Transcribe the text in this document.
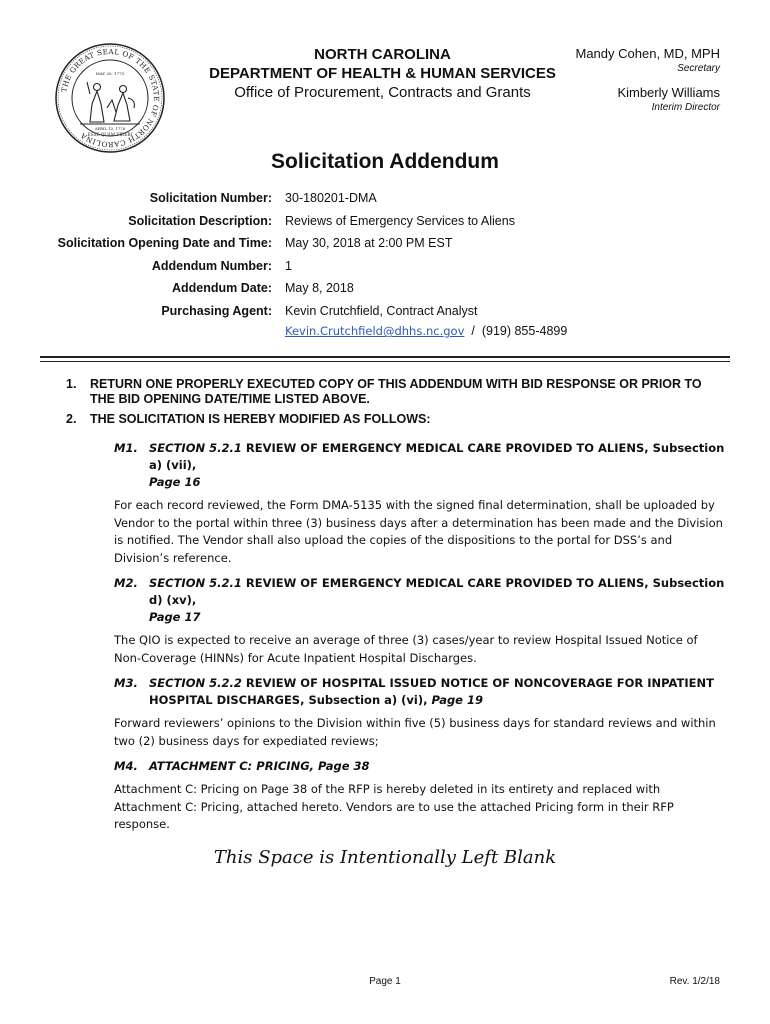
THE GREAT SEAL OF THE STATE OF NORTH CAROLINA
MAY 20, 1775
APRIL 12, 1776
ESSE QUAM VIDERI
NORTH CAROLINA
DEPARTMENT OF HEALTH & HUMAN SERVICES
Office of Procurement, Contracts and Grants
Mandy Cohen, MD, MPH
Secretary
Kimberly Williams
Interim Director
Solicitation Addendum
Solicitation Number: 30-180201-DMA
Solicitation Description: Reviews of Emergency Services to Aliens
Solicitation Opening Date and Time: May 30, 2018 at 2:00 PM EST
Addendum Number: 1
Addendum Date: May 8, 2018
Purchasing Agent: Kevin Crutchfield, Contract Analyst
Kevin.Crutchfield@dhhs.nc.gov / (919) 855-4899
1.	RETURN ONE PROPERLY EXECUTED COPY OF THIS ADDENDUM WITH BID RESPONSE OR PRIOR TO THE BID OPENING DATE/TIME LISTED ABOVE.
2.	THE SOLICITATION IS HEREBY MODIFIED AS FOLLOWS:
M1. SECTION 5.2.1 REVIEW OF EMERGENCY MEDICAL CARE PROVIDED TO ALIENS, Subsection a) (vii),
Page 16
For each record reviewed, the Form DMA-5135 with the signed final determination, shall be uploaded by Vendor to the portal within three (3) business days after a determination has been made and the Division is notified. The Vendor shall also upload the copies of the dispositions to the portal for DSS’s and Division’s reference.
M2. SECTION 5.2.1 REVIEW OF EMERGENCY MEDICAL CARE PROVIDED TO ALIENS, Subsection d) (xv),
Page 17
The QIO is expected to receive an average of three (3) cases/year to review Hospital Issued Notice of Non-Coverage (HINNs) for Acute Inpatient Hospital Discharges.
M3. SECTION 5.2.2 REVIEW OF HOSPITAL ISSUED NOTICE OF NONCOVERAGE FOR INPATIENT HOSPITAL DISCHARGES, Subsection a) (vi), Page 19
Forward reviewers’ opinions to the Division within five (5) business days for standard reviews and within two (2) business days for expediated reviews;
M4. ATTACHMENT C: PRICING, Page 38
Attachment C: Pricing on Page 38 of the RFP is hereby deleted in its entirety and replaced with Attachment C: Pricing, attached hereto. Vendors are to use the attached Pricing form in their RFP response.
This Space is Intentionally Left Blank
Page 1	Rev. 1/2/18
